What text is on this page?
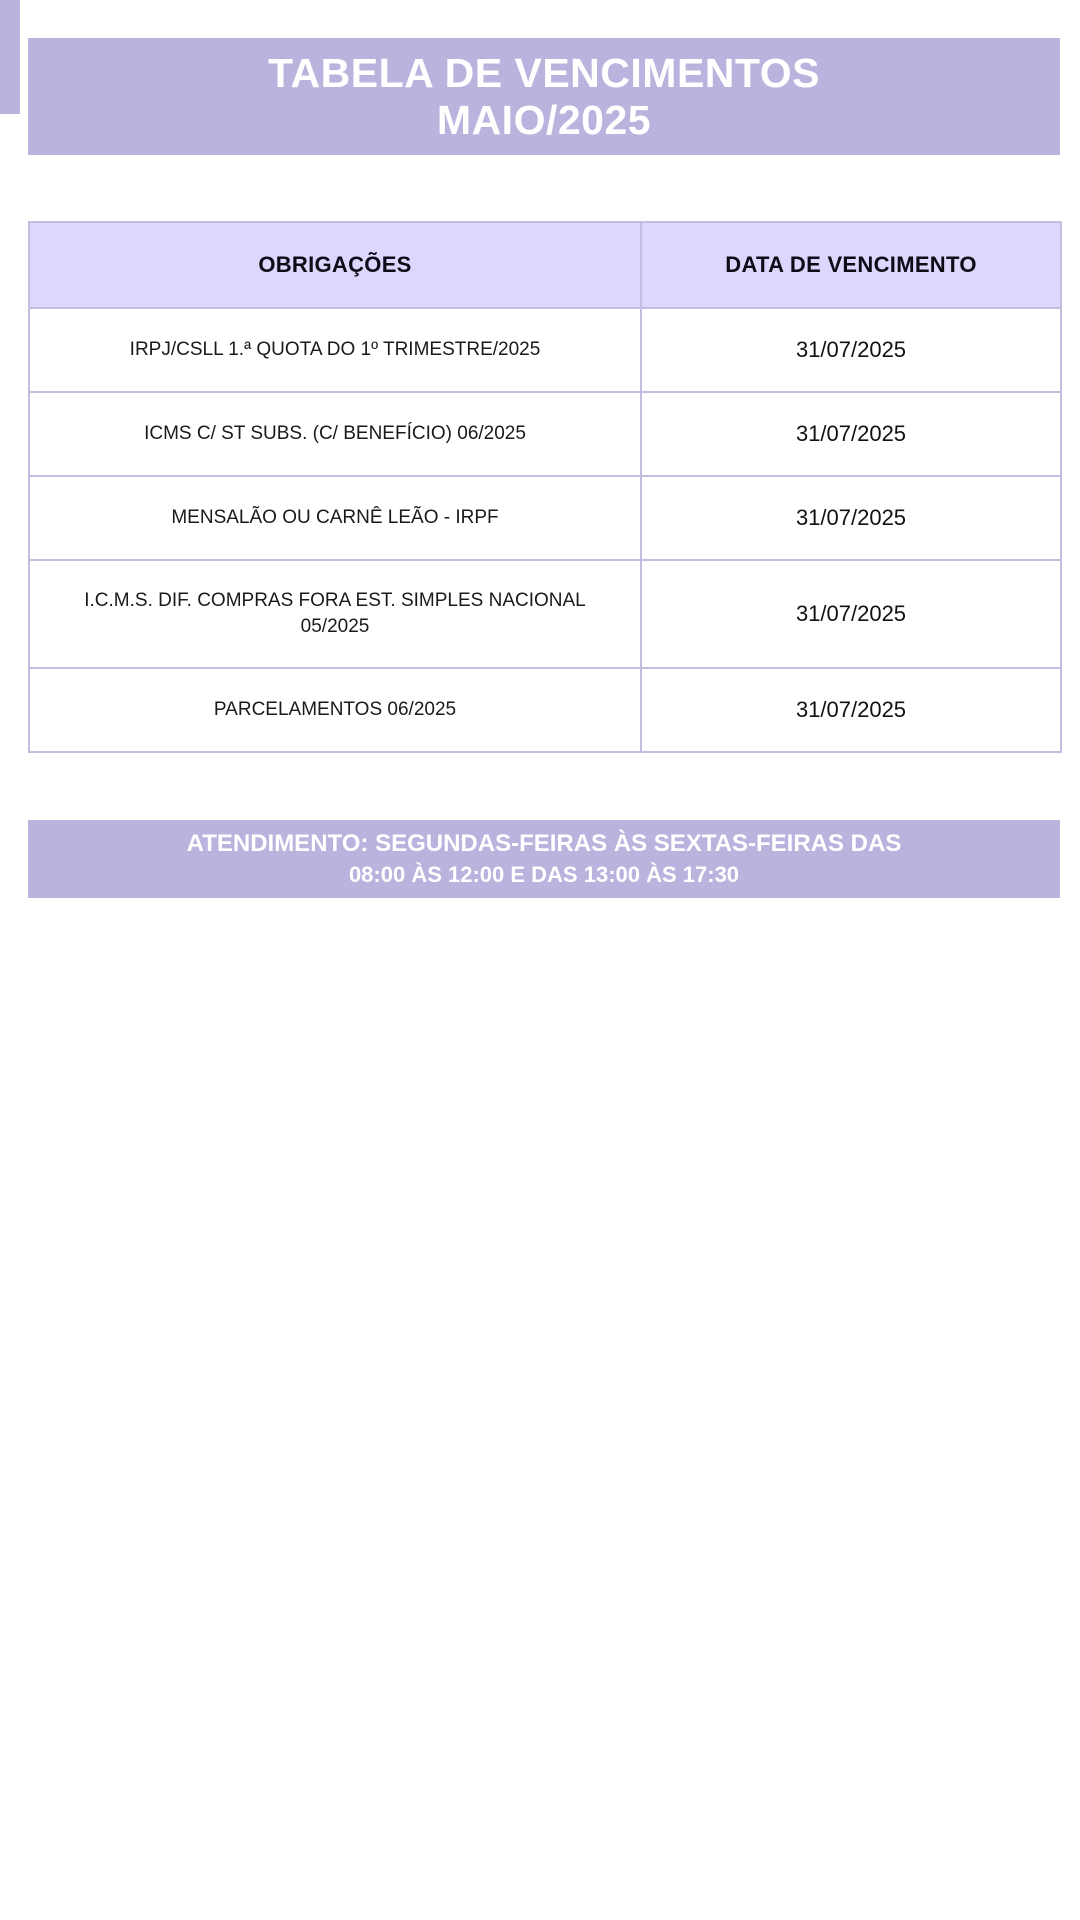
TABELA DE VENCIMENTOS
MAIO/2025
OBRIGAÇÕES	DATA DE VENCIMENTO
IRPJ/CSLL 1.ª QUOTA DO 1º TRIMESTRE/2025	31/07/2025
ICMS C/ ST SUBS. (C/ BENEFÍCIO) 06/2025	31/07/2025
MENSALÃO OU CARNÊ LEÃO - IRPF	31/07/2025
I.C.M.S. DIF. COMPRAS FORA EST. SIMPLES NACIONAL 05/2025	31/07/2025
PARCELAMENTOS 06/2025	31/07/2025
ATENDIMENTO: SEGUNDAS-FEIRAS ÀS SEXTAS-FEIRAS DAS
08:00 ÀS 12:00 E DAS 13:00 ÀS 17:30
